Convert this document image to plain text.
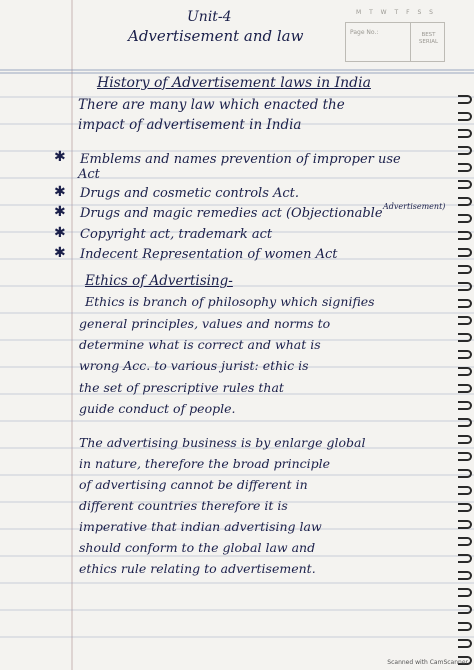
M T W T F S S
Page No.:	BEST SERIAL
Unit-4
Advertisement and law
History of Advertisement laws in India
There are many law which enacted the
impact of advertisement in India
✱ Emblems and names prevention of improper use
Act
✱ Drugs and cosmetic controls Act.
✱ Drugs and magic remedies act (Objectionable Advertisement)
✱ Copyright act, trademark act
✱ Indecent Representation of women Act
Ethics of Advertising-
Ethics is branch of philosophy which signifies
general principles, values and norms to
determine what is correct and what is
wrong Acc. to various jurist: ethic is
the set of prescriptive rules that
guide conduct of people.
The advertising business is by enlarge global
in nature, therefore the broad principle
of advertising cannot be different in
different countries therefore it is
imperative that indian advertising law
should conform to the global law and
ethics rule relating to advertisement.
Scanned with CamScanner
